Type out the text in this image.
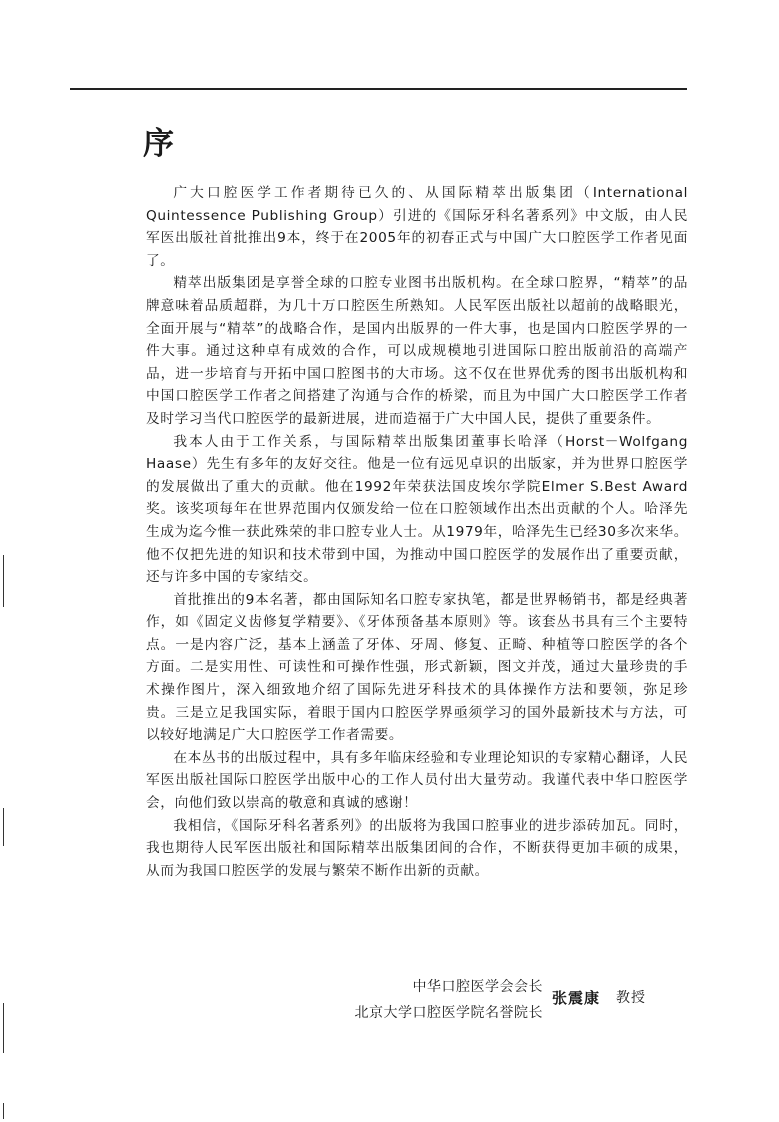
序

广大口腔医学工作者期待已久的、从国际精萃出版集团（International Quintessence Publishing Group）引进的《国际牙科名著系列》中文版，由人民军医出版社首批推出9本，终于在2005年的初春正式与中国广大口腔医学工作者见面了。

精萃出版集团是享誉全球的口腔专业图书出版机构。在全球口腔界，“精萃”的品牌意味着品质超群，为几十万口腔医生所熟知。人民军医出版社以超前的战略眼光，全面开展与“精萃”的战略合作，是国内出版界的一件大事，也是国内口腔医学界的一件大事。通过这种卓有成效的合作，可以成规模地引进国际口腔出版前沿的高端产品，进一步培育与开拓中国口腔图书的大市场。这不仅在世界优秀的图书出版机构和中国口腔医学工作者之间搭建了沟通与合作的桥梁，而且为中国广大口腔医学工作者及时学习当代口腔医学的最新进展，进而造福于广大中国人民，提供了重要条件。

我本人由于工作关系，与国际精萃出版集团董事长哈泽（Horst－Wolfgang Haase）先生有多年的友好交往。他是一位有远见卓识的出版家，并为世界口腔医学的发展做出了重大的贡献。他在1992年荣获法国皮埃尔学院Elmer S.Best Award奖。该奖项每年在世界范围内仅颁发给一位在口腔领域作出杰出贡献的个人。哈泽先生成为迄今惟一获此殊荣的非口腔专业人士。从1979年，哈泽先生已经30多次来华。他不仅把先进的知识和技术带到中国，为推动中国口腔医学的发展作出了重要贡献，还与许多中国的专家结交。

首批推出的9本名著，都由国际知名口腔专家执笔，都是世界畅销书，都是经典著作，如《固定义齿修复学精要》、《牙体预备基本原则》等。该套丛书具有三个主要特点。一是内容广泛，基本上涵盖了牙体、牙周、修复、正畸、种植等口腔医学的各个方面。二是实用性、可读性和可操作性强，形式新颖，图文并茂，通过大量珍贵的手术操作图片，深入细致地介绍了国际先进牙科技术的具体操作方法和要领，弥足珍贵。三是立足我国实际，着眼于国内口腔医学界亟须学习的国外最新技术与方法，可以较好地满足广大口腔医学工作者需要。

在本丛书的出版过程中，具有多年临床经验和专业理论知识的专家精心翻译，人民军医出版社国际口腔医学出版中心的工作人员付出大量劳动。我谨代表中华口腔医学会，向他们致以崇高的敬意和真诚的感谢！

我相信，《国际牙科名著系列》的出版将为我国口腔事业的进步添砖加瓦。同时，我也期待人民军医出版社和国际精萃出版集团间的合作，不断获得更加丰硕的成果，从而为我国口腔医学的发展与繁荣不断作出新的贡献。

中华口腔医学会会长
北京大学口腔医学院名誉院长
张震康 教授
